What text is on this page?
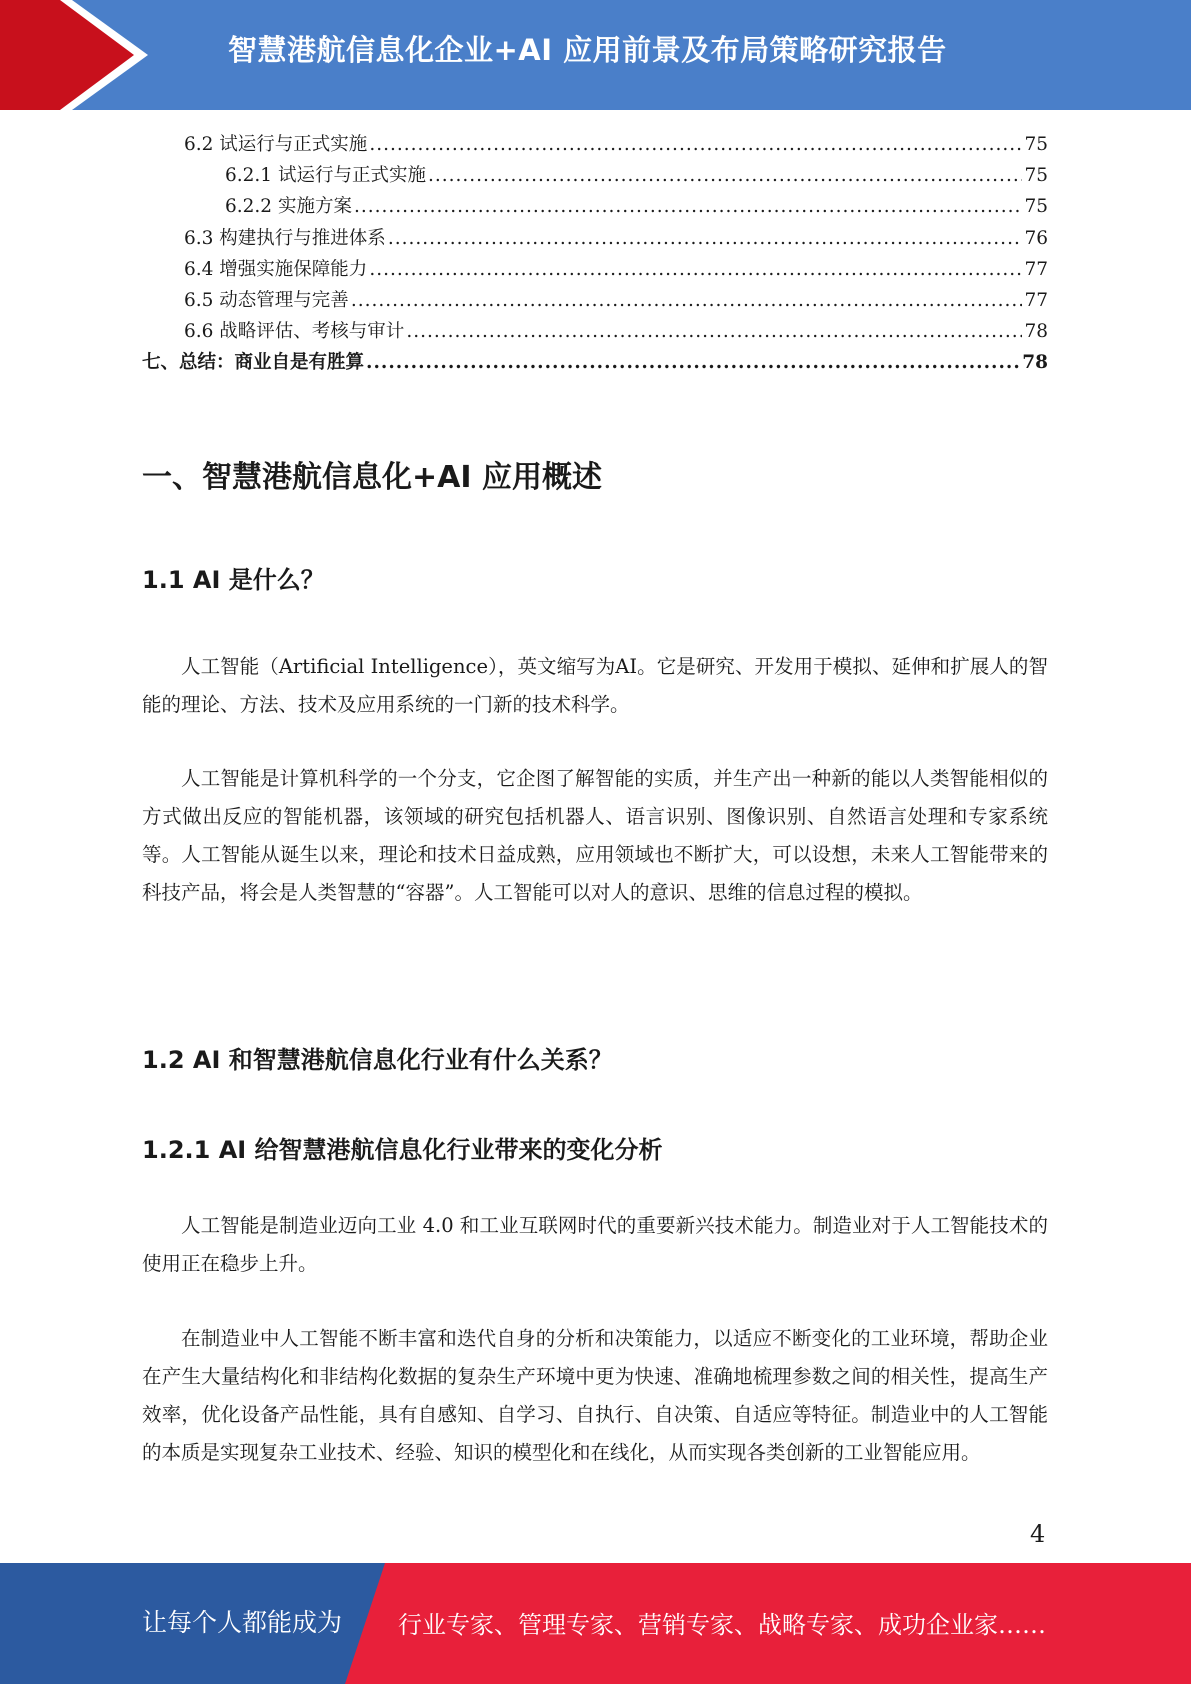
智慧港航信息化企业+AI 应用前景及布局策略研究报告
6.2 试运行与正式实施 .....	75
6.2.1 试运行与正式实施 .....	75
6.2.2 实施方案 .....	75
6.3 构建执行与推进体系 .....	76
6.4 增强实施保障能力 .....	77
6.5 动态管理与完善 .....	77
6.6 战略评估、考核与审计 .....	78
七、总结：商业自是有胜算 .....	78
一、智慧港航信息化+AI 应用概述
1.1 AI 是什么？

人工智能（Artificial Intelligence），英文缩写为AI。它是研究、开发用于模拟、延伸和扩展人的智能的理论、方法、技术及应用系统的一门新的技术科学。

人工智能是计算机科学的一个分支，它企图了解智能的实质，并生产出一种新的能以人类智能相似的方式做出反应的智能机器，该领域的研究包括机器人、语言识别、图像识别、自然语言处理和专家系统等。人工智能从诞生以来，理论和技术日益成熟，应用领域也不断扩大，可以设想，未来人工智能带来的科技产品，将会是人类智慧的“容器”。人工智能可以对人的意识、思维的信息过程的模拟。

1.2 AI 和智慧港航信息化行业有什么关系？
1.2.1 AI 给智慧港航信息化行业带来的变化分析

人工智能是制造业迈向工业 4.0 和工业互联网时代的重要新兴技术能力。制造业对于人工智能技术的使用正在稳步上升。

在制造业中人工智能不断丰富和迭代自身的分析和决策能力，以适应不断变化的工业环境，帮助企业在产生大量结构化和非结构化数据的复杂生产环境中更为快速、准确地梳理参数之间的相关性，提高生产效率，优化设备产品性能，具有自感知、自学习、自执行、自决策、自适应等特征。制造业中的人工智能的本质是实现复杂工业技术、经验、知识的模型化和在线化，从而实现各类创新的工业智能应用。

4
让每个人都能成为 行业专家、管理专家、营销专家、战略专家、成功企业家……
